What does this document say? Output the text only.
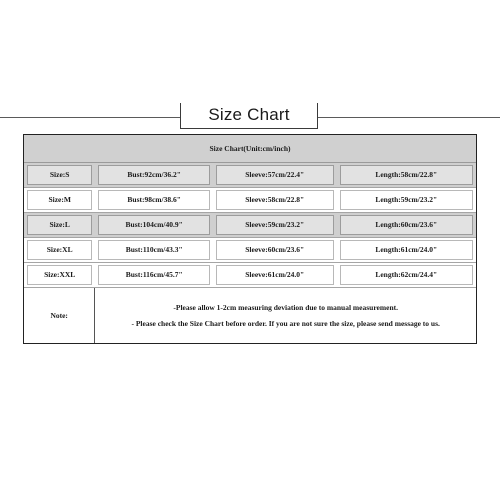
Size Chart
Size Chart(Unit:cm/inch)			

Size:S	Bust:92cm/36.2"	Sleeve:57cm/22.4"	Length:58cm/22.8"

Size:M	Bust:98cm/38.6"	Sleeve:58cm/22.8"	Length:59cm/23.2"

Size:L	Bust:104cm/40.9"	Sleeve:59cm/23.2"	Length:60cm/23.6"

Size:XL	Bust:110cm/43.3"	Sleeve:60cm/23.6"	Length:61cm/24.0"

Size:XXL	Bust:116cm/45.7"	Sleeve:61cm/24.0"	Length:62cm/24.4"

Note:	-Please allow 1-2cm measuring deviation due to manual measurement.
- Please check the Size Chart before order. If you are not sure the size, please send message to us.		
